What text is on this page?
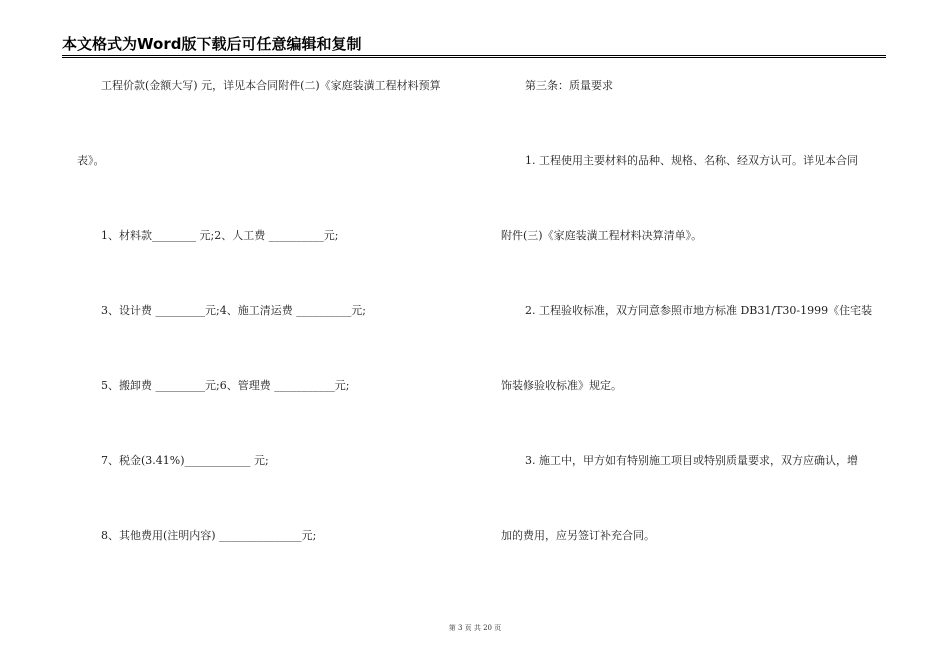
本文格式为Word版下载后可任意编辑和复制
工程价款(金额大写) 元，详见本合同附件(二)《家庭装潢工程材料预算
表》。
1、材料款________ 元;2、人工费 __________元;
3、设计费 _________元;4、施工清运费 __________元;
5、搬卸费 _________元;6、管理费 ___________元;
7、税金(3.41%)____________ 元;
8、其他费用(注明内容) _______________元;
第三条：质量要求
1. 工程使用主要材料的品种、规格、名称、经双方认可。详见本合同
附件(三)《家庭装潢工程材料决算清单》。
2. 工程验收标准，双方同意参照市地方标准 DB31/T30-1999《住宅装
饰装修验收标准》规定。
3. 施工中，甲方如有特别施工项目或特别质量要求，双方应确认，增
加的费用，应另签订补充合同。
第 3 页 共 20 页
